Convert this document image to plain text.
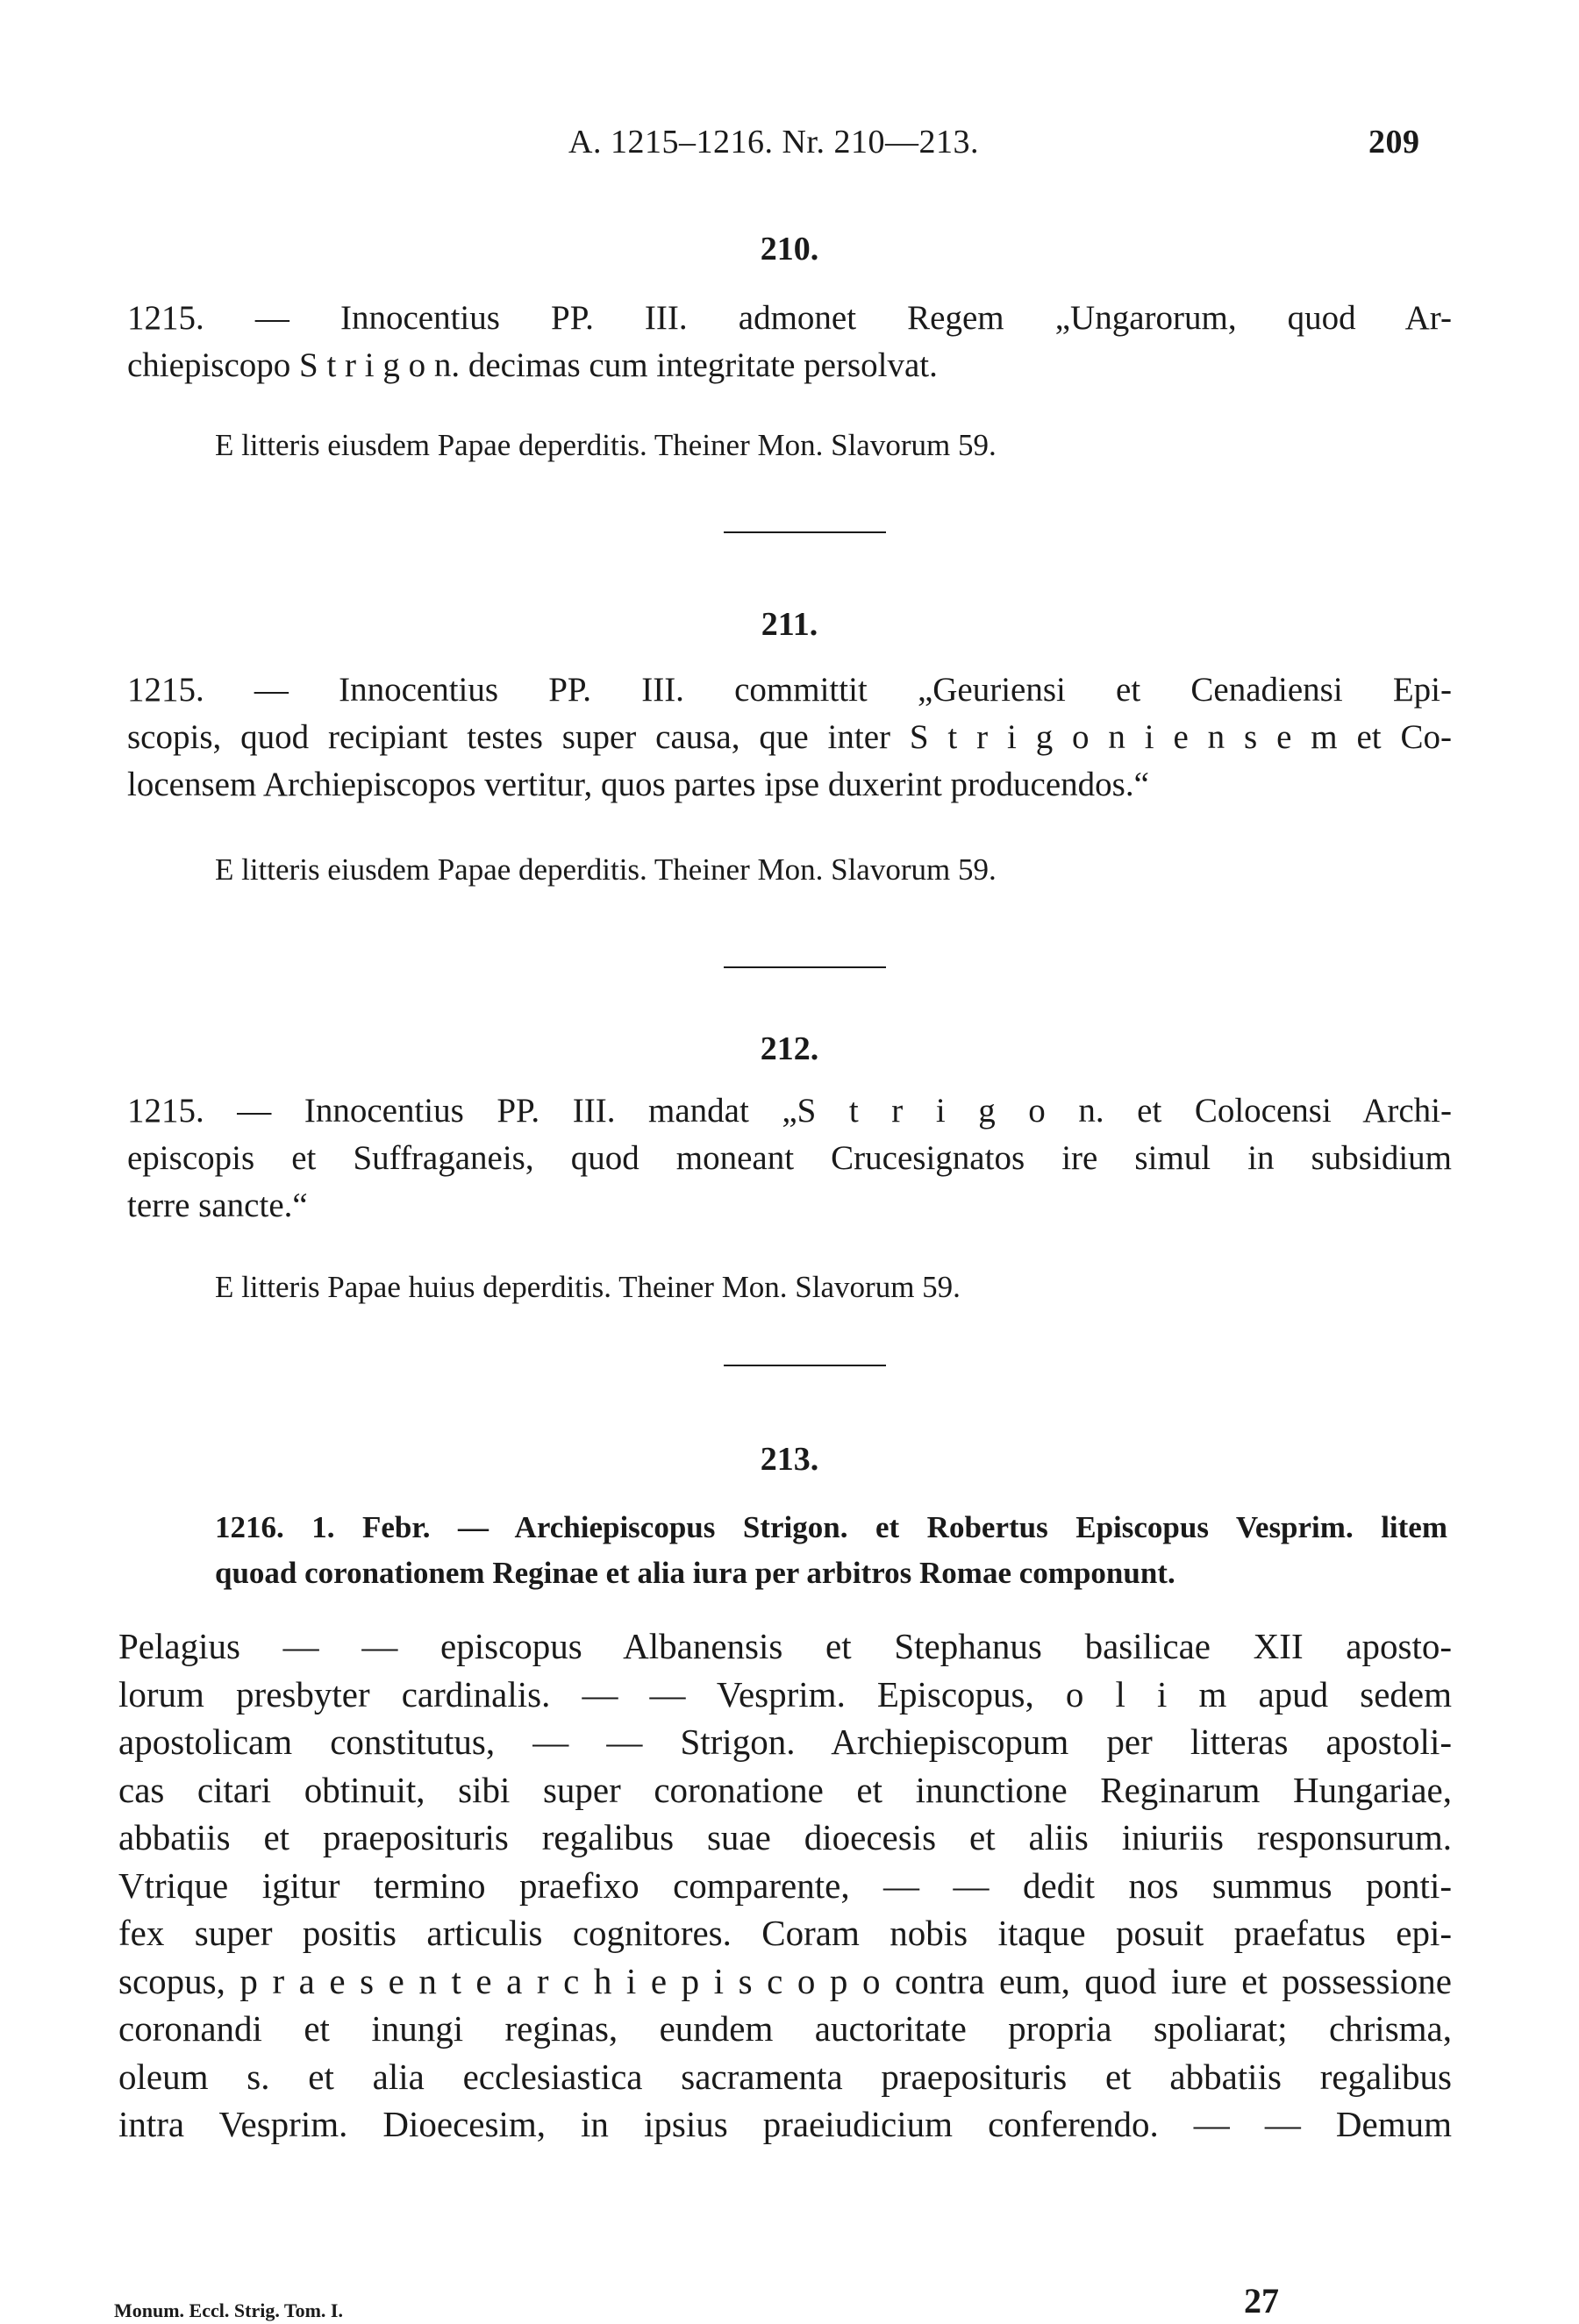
A. 1215–1216. Nr. 210—213.	209
210.
1215. — Innocentius PP. III. admonet Regem „Ungarorum, quod Ar-
chiepiscopo S t r i g o n. decimas cum integritate persolvat.
E litteris eiusdem Papae deperditis. Theiner Mon. Slavorum 59.
211.
1215. — Innocentius PP. III. committit „Geuriensi et Cenadiensi Epi-
scopis, quod recipiant testes super causa, que inter S t r i g o n i e n s e m et Co-
locensem Archiepiscopos vertitur, quos partes ipse duxerint producendos.“
E litteris eiusdem Papae deperditis. Theiner Mon. Slavorum 59.
212.
1215. — Innocentius PP. III. mandat „S t r i g o n. et Colocensi Archi-
episcopis et Suffraganeis, quod moneant Crucesignatos ire simul in subsidium
terre sancte.“
E litteris Papae huius deperditis. Theiner Mon. Slavorum 59.
213.
1216. 1. Febr. — Archiepiscopus Strigon. et Robertus Episcopus Vesprim. litem
quoad coronationem Reginae et alia iura per arbitros Romae componunt.
Pelagius — — episcopus Albanensis et Stephanus basilicae XII aposto-
lorum presbyter cardinalis. — — Vesprim. Episcopus, o l i m apud sedem
apostolicam constitutus, — — Strigon. Archiepiscopum per litteras apostoli-
cas citari obtinuit, sibi super coronatione et inunctione Reginarum Hungariae,
abbatiis et praeposituris regalibus suae dioecesis et aliis iniuriis responsurum.
Vtrique igitur termino praefixo comparente, — — dedit nos summus ponti-
fex super positis articulis cognitores. Coram nobis itaque posuit praefatus epi-
scopus, p r a e s e n t e a r c h i e p i s c o p o contra eum, quod iure et possessione
coronandi et inungi reginas, eundem auctoritate propria spoliarat; chrisma,
oleum s. et alia ecclesiastica sacramenta praeposituris et abbatiis regalibus
intra Vesprim. Dioecesim, in ipsius praeiudicium conferendo. — — Demum
Monum. Eccl. Strig. Tom. I.	27
